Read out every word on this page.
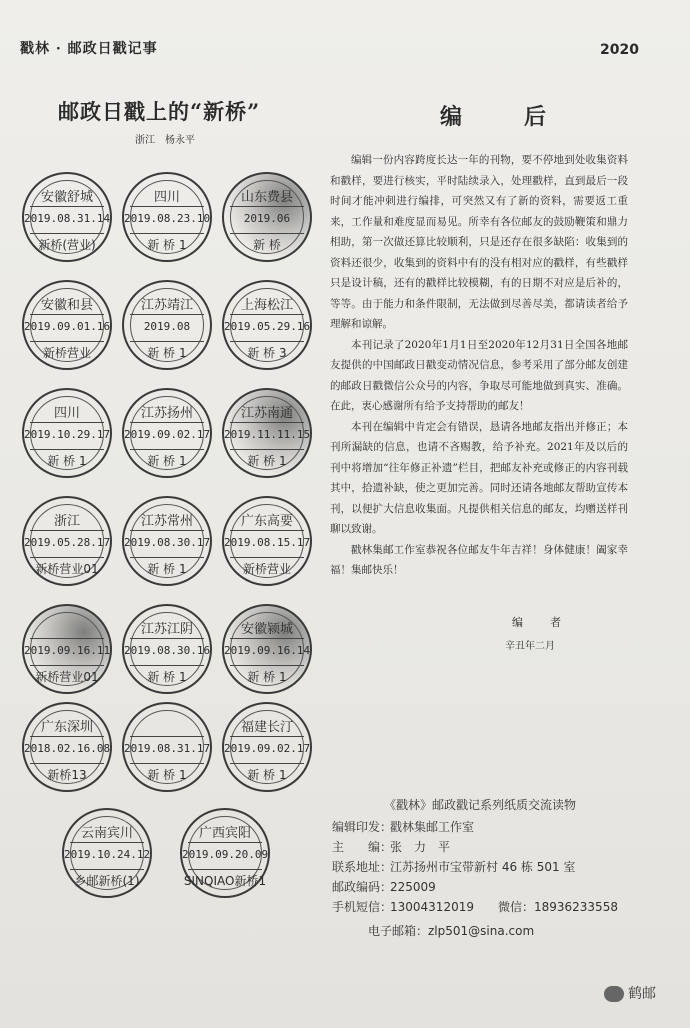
戳林 · 邮政日戳记事	2020
邮政日戳上的“新桥”
浙江　杨永平
安徽舒城
2019.08.31.14
新桥(营业)
四川
2019.08.23.10
新 桥 1
山东费县
2019.06
新 桥
安徽和县
2019.09.01.16
新桥营业
江苏靖江
2019.08
新 桥 1
上海松江
2019.05.29.16
新 桥 3
四川
2019.10.29.17
新 桥 1
江苏扬州
2019.09.02.17
新 桥 1
江苏南通
2019.11.11.15
新 桥 1
浙江
2019.05.28.17
新桥营业01
江苏常州
2019.08.30.17
新 桥 1
广东高要
2019.08.15.17
新桥营业
2019.09.16.11
新桥营业01
江苏江阴
2019.08.30.16
新 桥 1
安徽颍城
2019.09.16.14
新 桥 1
广东深圳
2018.02.16.08
新桥13
2019.08.31.17
新 桥 1
福建长汀
2019.09.02.17
新 桥 1
云南宾川
2019.10.24.12
乡邮新桥(1)
广西宾阳
2019.09.20.09
SINQIAO新桥1
编　后

编辑一份内容跨度长达一年的刊物，要不停地到处收集资料和戳样，要进行核实，平时陆续录入，处理戳样，直到最后一段时间才能冲刺进行编排，可突然又有了新的资料，需要返工重来，工作量和难度显而易见。所幸有各位邮友的鼓励鞭策和鼎力相助，第一次做还算比较顺利，只是还存在很多缺陷：收集到的资料还很少，收集到的资料中有的没有相对应的戳样，有些戳样只是设计稿，还有的戳样比较模糊，有的日期不对应是后补的，等等。由于能力和条件限制，无法做到尽善尽美，都请读者给予理解和谅解。

本刊记录了2020年1月1日至2020年12月31日全国各地邮友提供的中国邮政日戳变动情况信息，参考采用了部分邮友创建的邮政日戳微信公众号的内容，争取尽可能地做到真实、准确。在此，衷心感谢所有给予支持帮助的邮友！

本刊在编辑中肯定会有错误，恳请各地邮友指出并修正；本刊所漏缺的信息，也请不吝赐教，给予补充。2021年及以后的刊中将增加“往年修正补遗”栏目，把邮友补充或修正的内容刊载其中，拾遗补缺，使之更加完善。同时还请各地邮友帮助宣传本刊，以便扩大信息收集面。凡提供相关信息的邮友，均赠送样刊聊以致谢。

戳林集邮工作室恭祝各位邮友牛年吉祥！身体健康！阖家幸福！集邮快乐！

编　者
辛丑年二月
《戳林》邮政戳记系列纸质交流读物
编辑印发：戳林集邮工作室
主　　编：张　力　平
联系地址：江苏扬州市宝带新村 46 栋 501 室
邮政编码：225009
手机短信：13004312019　　微信：18936233558
电子邮箱：zlp501@sina.com
鹤邮
